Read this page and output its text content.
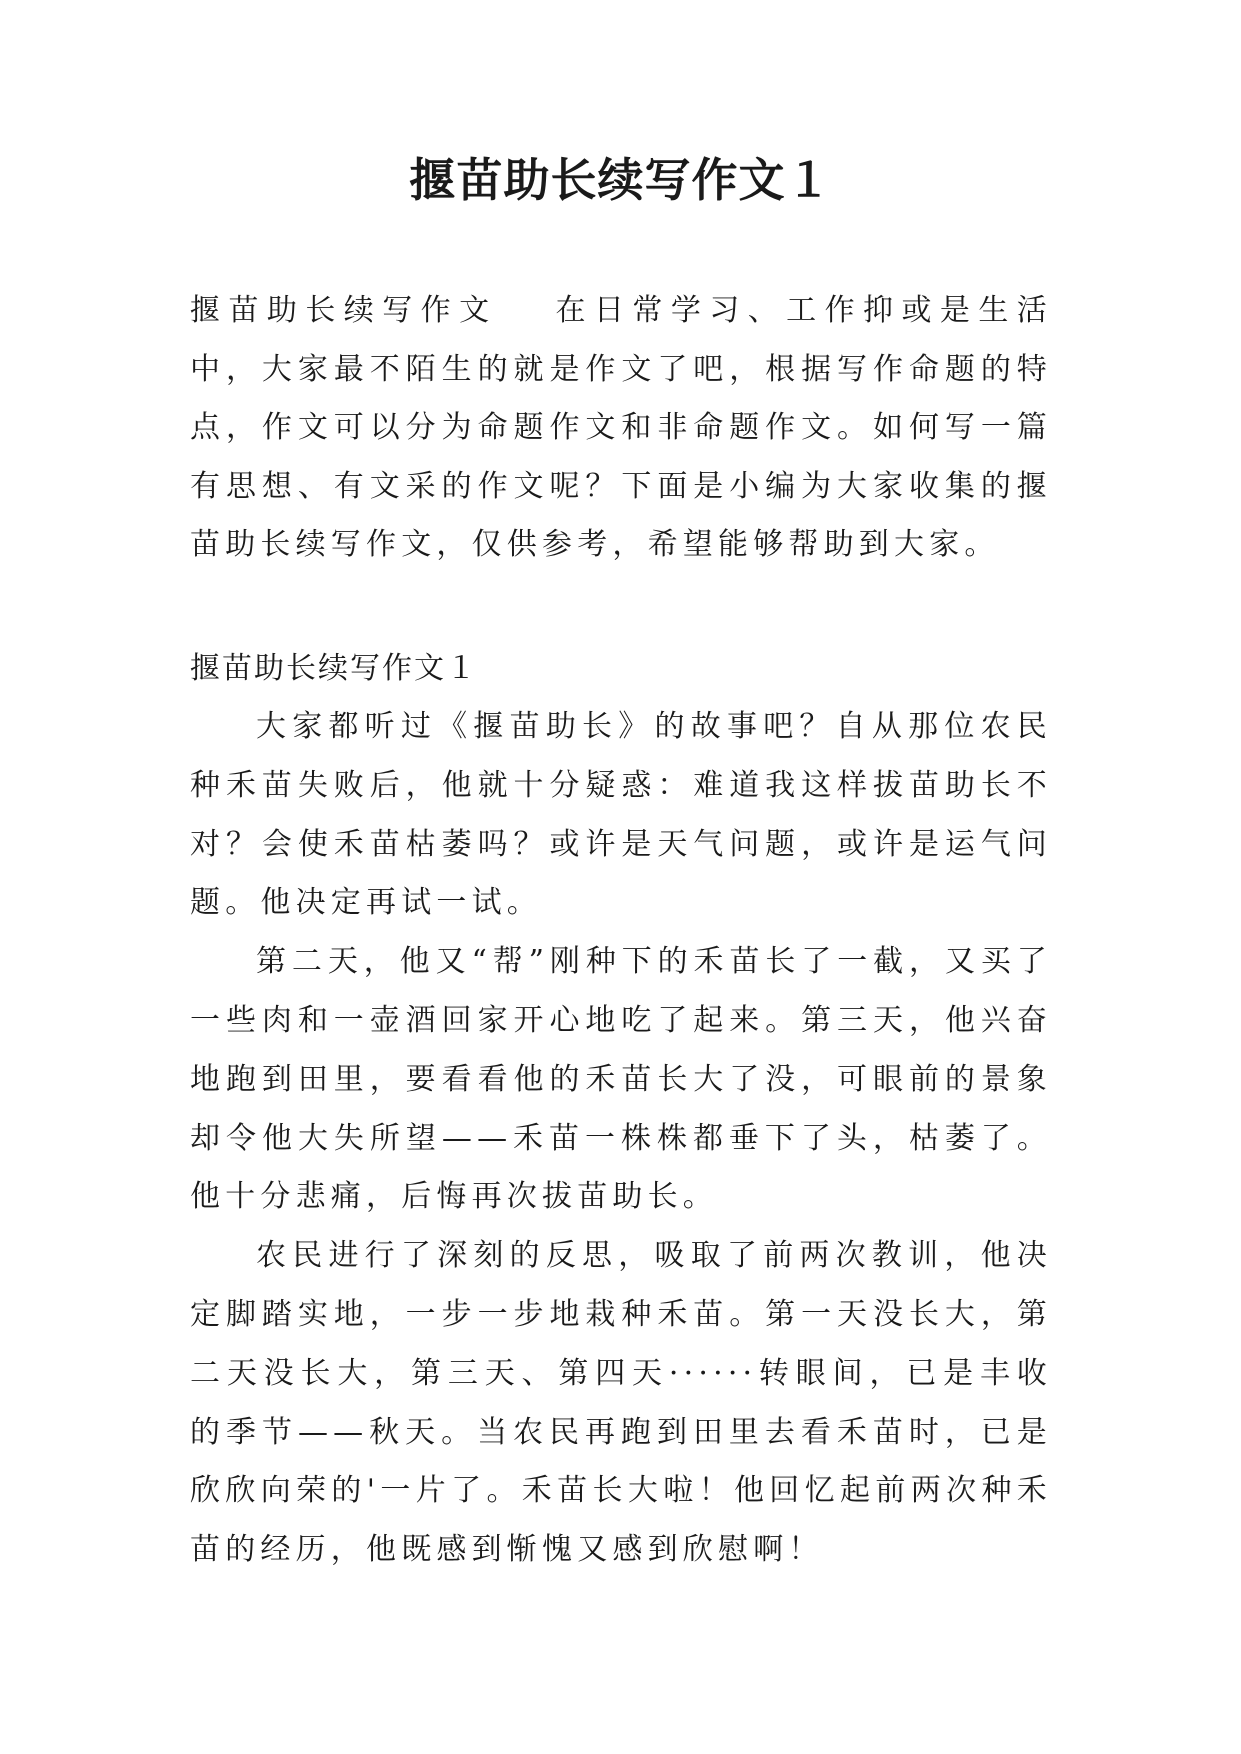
揠苗助长续写作文１
揠苗助长续写作文 在日常学习、工作抑或是生活中，大家最不陌生的就是作文了吧，根据写作命题的特点，作文可以分为命题作文和非命题作文。如何写一篇有思想、有文采的作文呢？下面是小编为大家收集的揠苗助长续写作文，仅供参考，希望能够帮助到大家。
揠苗助长续写作文１

大家都听过《揠苗助长》的故事吧？自从那位农民种禾苗失败后，他就十分疑惑：难道我这样拔苗助长不对？会使禾苗枯萎吗？或许是天气问题，或许是运气问题。他决定再试一试。

第二天，他又“帮”刚种下的禾苗长了一截，又买了一些肉和一壶酒回家开心地吃了起来。第三天，他兴奋地跑到田里，要看看他的禾苗长大了没，可眼前的景象却令他大失所望——禾苗一株株都垂下了头，枯萎了。他十分悲痛，后悔再次拔苗助长。

农民进行了深刻的反思，吸取了前两次教训，他决定脚踏实地，一步一步地栽种禾苗。第一天没长大，第二天没长大，第三天、第四天······转眼间，已是丰收的季节——秋天。当农民再跑到田里去看禾苗时，已是欣欣向荣的'一片了。禾苗长大啦！他回忆起前两次种禾苗的经历，他既感到惭愧又感到欣慰啊！
